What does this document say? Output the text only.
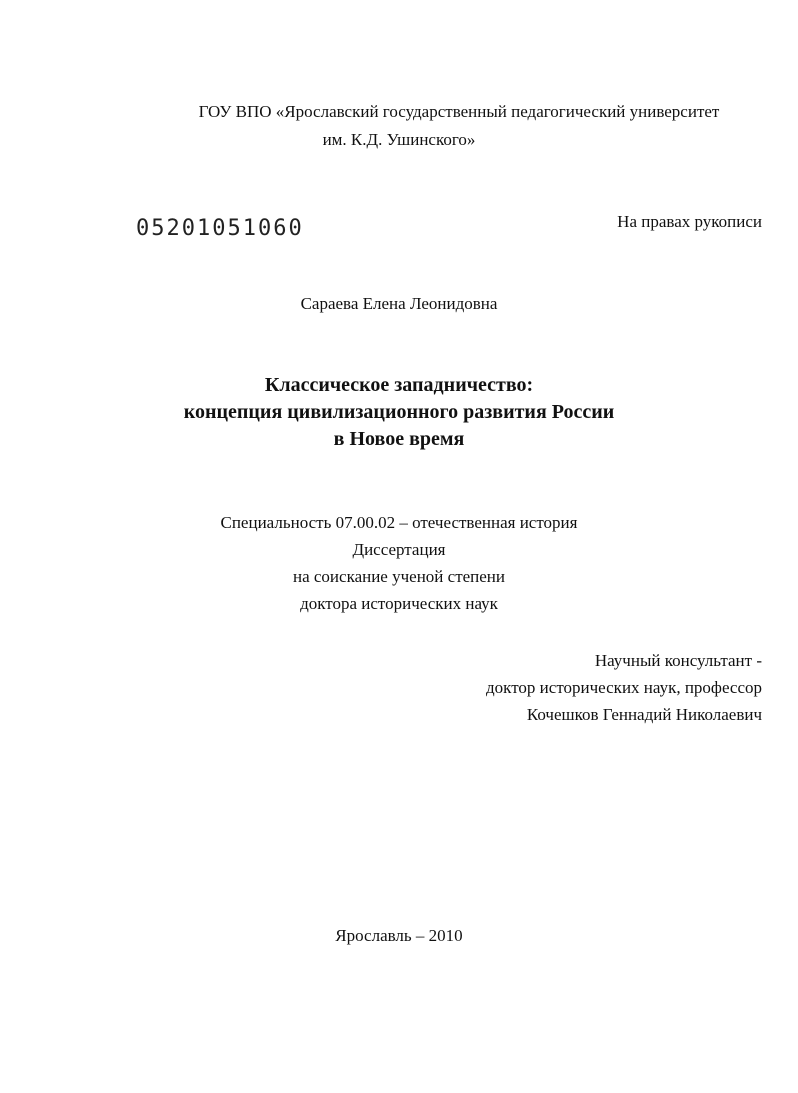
ГОУ ВПО «Ярославский государственный педагогический университет
им. К.Д. Ушинского»
05201051060	На правах рукописи
Сараева Елена Леонидовна
Классическое западничество:
концепция цивилизационного развития России
в Новое время
Специальность 07.00.02 – отечественная история
Диссертация
на соискание ученой степени
доктора исторических наук
Научный консультант -
доктор исторических наук, профессор
Кочешков Геннадий Николаевич
Ярославль – 2010
